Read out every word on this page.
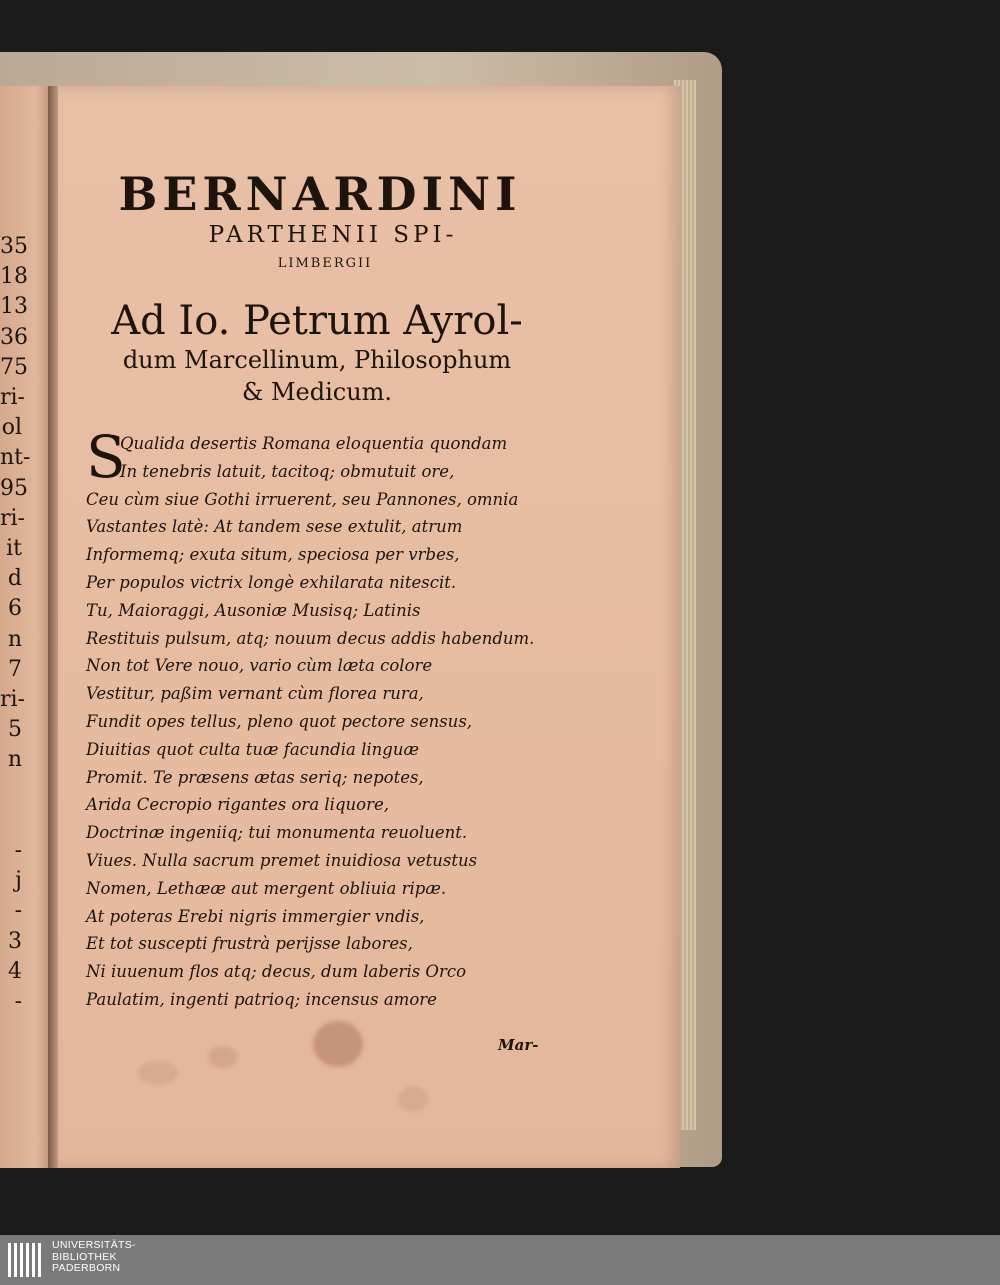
35
18
13
36
75
ri-
ol
nt-
95
ri-
it
d
6
n
7
ri-
5
n

-
j
-
3
4
-
BERNARDINI
PARTHENII SPI-
LIMBERGII
Ad Io. Petrum Ayrol-
dum Marcellinum, Philosophum
& Medicum.
S
Qualida desertis Romana eloquentia quondam
In tenebris latuit, tacitoq; obmutuit ore,
Ceu cùm siue Gothi irruerent, seu Pannones, omnia
Vastantes latè: At tandem sese extulit, atrum
Informemq; exuta situm, speciosa per vrbes,
Per populos victrix longè exhilarata nitescit.
Tu, Maioraggi, Ausoniæ Musisq; Latinis
Restituis pulsum, atq; nouum decus addis habendum.
Non tot Vere nouo, vario cùm læta colore
Vestitur, paßim vernant cùm florea rura,
Fundit opes tellus, pleno quot pectore sensus,
Diuitias quot culta tuæ facundia linguæ
Promit. Te præsens ætas seriq; nepotes,
Arida Cecropio rigantes ora liquore,
Doctrinæ ingeniiq; tui monumenta reuoluent.
Viues. Nulla sacrum premet inuidiosa vetustus
Nomen, Lethææ aut mergent obliuia ripæ.
At poteras Erebi nigris immergier vndis,
Et tot suscepti frustrà perijsse labores,
Ni iuuenum flos atq; decus, dum laberis Orco
Paulatim, ingenti patrioq; incensus amore
Mar-
UNIVERSITÄTS-
BIBLIOTHEK
PADERBORN
